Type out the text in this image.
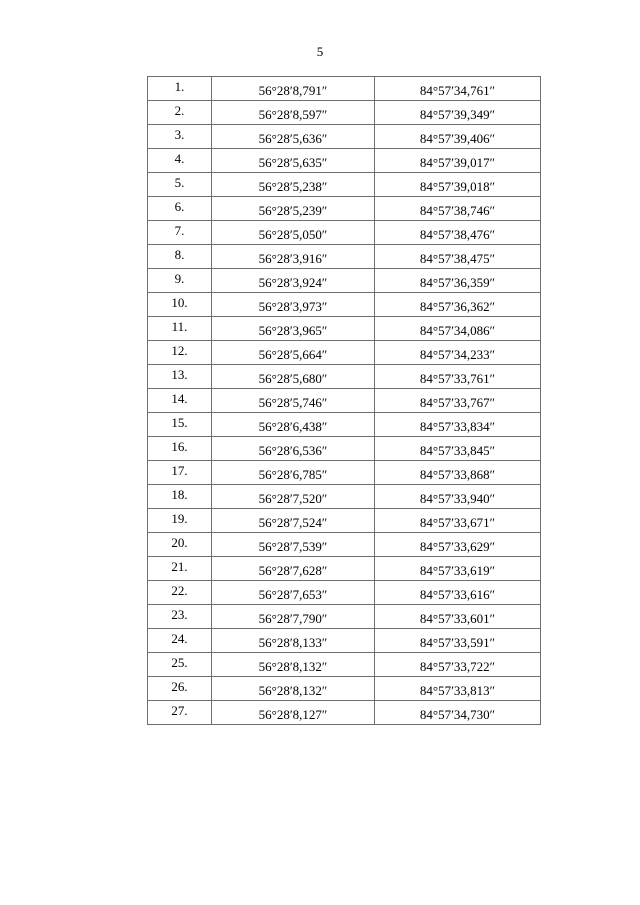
5
1.	56°28′8,791″	84°57′34,761″
2.	56°28′8,597″	84°57′39,349″
3.	56°28′5,636″	84°57′39,406″
4.	56°28′5,635″	84°57′39,017″
5.	56°28′5,238″	84°57′39,018″
6.	56°28′5,239″	84°57′38,746″
7.	56°28′5,050″	84°57′38,476″
8.	56°28′3,916″	84°57′38,475″
9.	56°28′3,924″	84°57′36,359″
10.	56°28′3,973″	84°57′36,362″
11.	56°28′3,965″	84°57′34,086″
12.	56°28′5,664″	84°57′34,233″
13.	56°28′5,680″	84°57′33,761″
14.	56°28′5,746″	84°57′33,767″
15.	56°28′6,438″	84°57′33,834″
16.	56°28′6,536″	84°57′33,845″
17.	56°28′6,785″	84°57′33,868″
18.	56°28′7,520″	84°57′33,940″
19.	56°28′7,524″	84°57′33,671″
20.	56°28′7,539″	84°57′33,629″
21.	56°28′7,628″	84°57′33,619″
22.	56°28′7,653″	84°57′33,616″
23.	56°28′7,790″	84°57′33,601″
24.	56°28′8,133″	84°57′33,591″
25.	56°28′8,132″	84°57′33,722″
26.	56°28′8,132″	84°57′33,813″
27.	56°28′8,127″	84°57′34,730″
